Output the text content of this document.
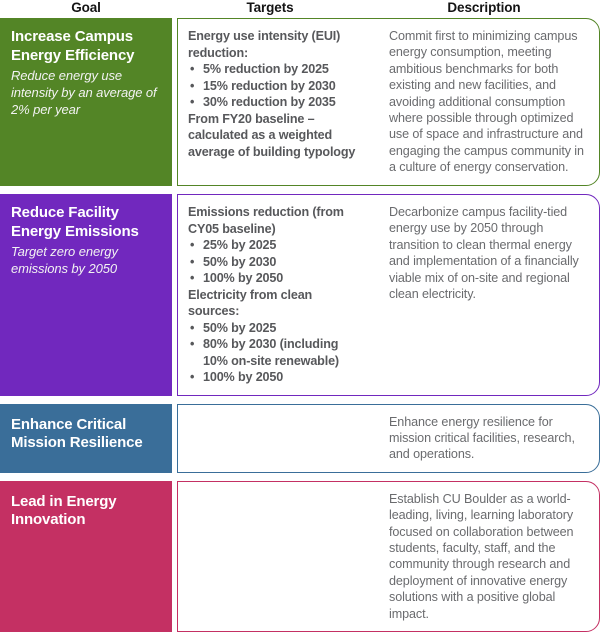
Goal	Targets	Description
Increase Campus Energy Efficiency
Reduce energy use intensity by an average of 2% per year

Energy use intensity (EUI) reduction:

• 5% reduction by 2025
• 15% reduction by 2030
• 30% reduction by 2035

From FY20 baseline – calculated as a weighted average of building typology

Commit first to minimizing campus energy consumption, meeting ambitious benchmarks for both existing and new facilities, and avoiding additional consumption where possible through optimized use of space and infrastructure and engaging the campus community in a culture of energy conservation.

Reduce Facility Energy Emissions
Target zero energy emissions by 2050

Emissions reduction (from CY05 baseline)

• 25% by 2025
• 50% by 2030
• 100% by 2050

Electricity from clean sources:

• 50% by 2025
• 80% by 2030 (including 10% on-site renewable)
• 100% by 2050

Decarbonize campus facility-tied energy use by 2050 through transition to clean thermal energy and implementation of a financially viable mix of on-site and regional clean electricity.

Enhance Critical Mission Resilience

Enhance energy resilience for mission critical facilities, research, and operations.

Lead in Energy Innovation

Establish CU Boulder as a world-leading, living, learning laboratory focused on collaboration between students, faculty, staff, and the community through research and deployment of innovative energy solutions with a positive global impact.
